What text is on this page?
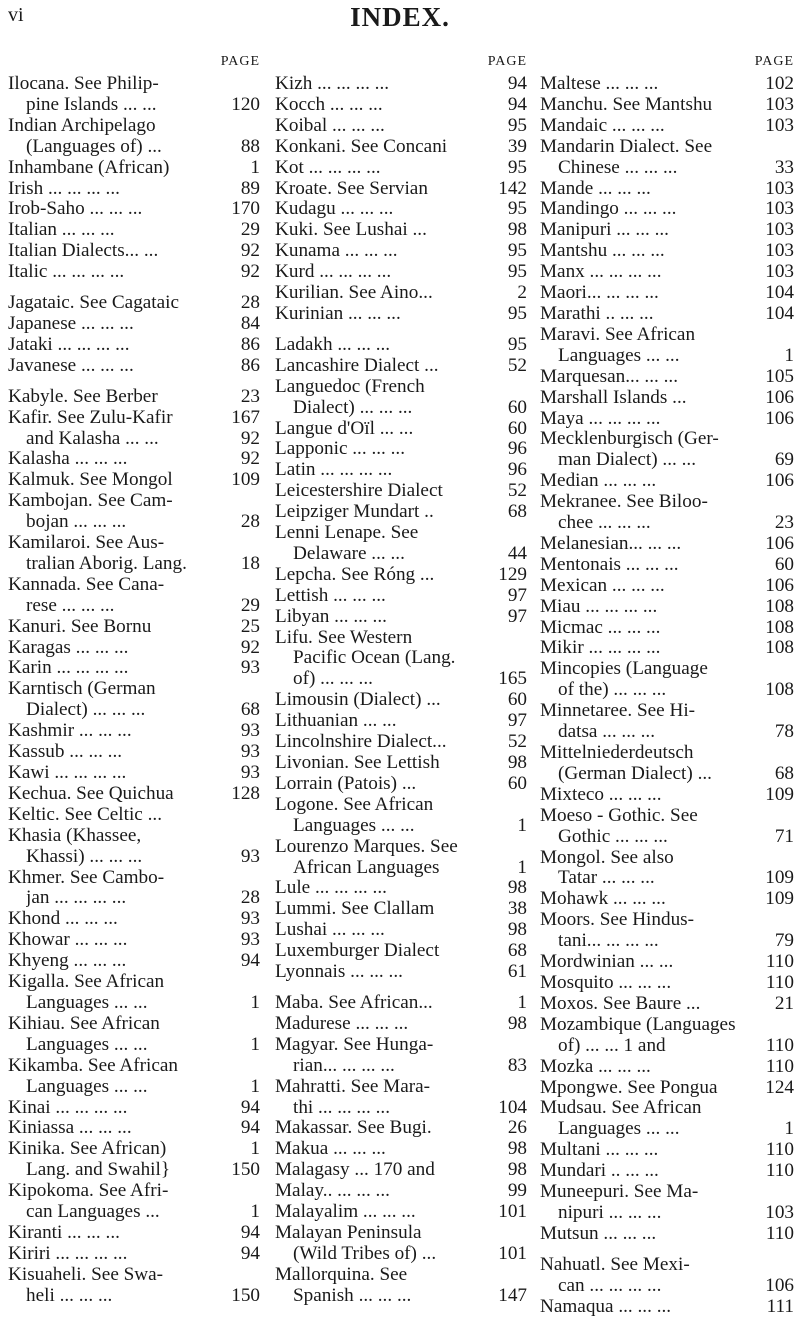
vi	INDEX.
PAGE
Ilocana. See Philip-
pine Islands ... ...	120
Indian Archipelago
(Languages of) ...	88
Inhambane (African)	1
Irish ... ... ... ...	89
Irob-Saho ... ... ...	170
Italian ... ... ...	29
Italian Dialects... ...	92
Italic ... ... ... ...	92
Jagataic. See Cagataic	28
Japanese ... ... ...	84
Jataki ... ... ... ...	86
Javanese ... ... ...	86
Kabyle. See Berber	23
Kafir. See Zulu-Kafir	167
and Kalasha ... ...	92
Kalasha ... ... ...	92
Kalmuk. See Mongol	109
Kambojan. See Cam-
bojan ... ... ...	28
Kamilaroi. See Aus-
tralian Aborig. Lang.	18
Kannada. See Cana-
rese ... ... ...	29
Kanuri. See Bornu	25
Karagas ... ... ...	92
Karin ... ... ... ...	93
Karntisch (German
Dialect) ... ... ...	68
Kashmir ... ... ...	93
Kassub ... ... ...	93
Kawi ... ... ... ...	93
Kechua. See Quichua	128
Keltic. See Celtic ...
Khasia (Khassee,
Khassi) ... ... ...	93
Khmer. See Cambo-
jan ... ... ... ...	28
Khond ... ... ...	93
Khowar ... ... ...	93
Khyeng ... ... ...	94
Kigalla. See African
Languages ... ...	1
Kihiau. See African
Languages ... ...	1
Kikamba. See African
Languages ... ...	1
Kinai ... ... ... ...	94
Kiniassa ... ... ...	94
Kinika. See African)	1
Lang. and Swahil}	150
Kipokoma. See Afri-
can Languages ...	1
Kiranti ... ... ...	94
Kiriri ... ... ... ...	94
Kisuaheli. See Swa-
heli ... ... ...	150
PAGE
Kizh ... ... ... ...	94
Kocch ... ... ...	94
Koibal ... ... ...	95
Konkani. See Concani	39
Kot ... ... ... ...	95
Kroate. See Servian	142
Kudagu ... ... ...	95
Kuki. See Lushai ...	98
Kunama ... ... ...	95
Kurd ... ... ... ...	95
Kurilian. See Aino...	2
Kurinian ... ... ...	95
Ladakh ... ... ...	95
Lancashire Dialect ...	52
Languedoc (French
Dialect) ... ... ...	60
Langue d'Oïl ... ...	60
Lapponic ... ... ...	96
Latin ... ... ... ...	96
Leicestershire Dialect	52
Leipziger Mundart ..	68
Lenni Lenape. See
Delaware ... ...	44
Lepcha. See Róng ...	129
Lettish ... ... ...	97
Libyan ... ... ...	97
Lifu. See Western
Pacific Ocean (Lang.
of) ... ... ...	165
Limousin (Dialect) ...	60
Lithuanian ... ...	97
Lincolnshire Dialect...	52
Livonian. See Lettish	98
Lorrain (Patois) ...	60
Logone. See African
Languages ... ...	1
Lourenzo Marques. See
African Languages	1
Lule ... ... ... ...	98
Lummi. See Clallam	38
Lushai ... ... ...	98
Luxemburger Dialect	68
Lyonnais ... ... ...	61
Maba. See African...	1
Madurese ... ... ...	98
Magyar. See Hunga-
rian... ... ... ...	83
Mahratti. See Mara-
thi ... ... ... ...	104
Makassar. See Bugi.	26
Makua ... ... ...	98
Malagasy ... 170 and	98
Malay.. ... ... ...	99
Malayalim ... ... ...	101
Malayan Peninsula
(Wild Tribes of) ...	101
Mallorquina. See
Spanish ... ... ...	147
PAGE
Maltese ... ... ...	102
Manchu. See Mantshu	103
Mandaic ... ... ...	103
Mandarin Dialect. See
Chinese ... ... ...	33
Mande ... ... ...	103
Mandingo ... ... ...	103
Manipuri ... ... ...	103
Mantshu ... ... ...	103
Manx ... ... ... ...	103
Maori... ... ... ...	104
Marathi .. ... ...	104
Maravi. See African
Languages ... ...	1
Marquesan... ... ...	105
Marshall Islands ...	106
Maya ... ... ... ...	106
Mecklenburgisch (Ger-
man Dialect) ... ...	69
Median ... ... ...	106
Mekranee. See Biloo-
chee ... ... ...	23
Melanesian... ... ...	106
Mentonais ... ... ...	60
Mexican ... ... ...	106
Miau ... ... ... ...	108
Micmac ... ... ...	108
Mikir ... ... ... ...	108
Mincopies (Language
of the) ... ... ...	108
Minnetaree. See Hi-
datsa ... ... ...	78
Mittelniederdeutsch
(German Dialect) ...	68
Mixteco ... ... ...	109
Moeso - Gothic. See
Gothic ... ... ...	71
Mongol. See also
Tatar ... ... ...	109
Mohawk ... ... ...	109
Moors. See Hindus-
tani... ... ... ...	79
Mordwinian ... ...	110
Mosquito ... ... ...	110
Moxos. See Baure ...	21
Mozambique (Languages
of) ... ... 1 and	110
Mozka ... ... ...	110
Mpongwe. See Pongua	124
Mudsau. See African
Languages ... ...	1
Multani ... ... ...	110
Mundari .. ... ...	110
Muneepuri. See Ma-
nipuri ... ... ...	103
Mutsun ... ... ...	110
Nahuatl. See Mexi-
can ... ... ... ...	106
Namaqua ... ... ...	111
